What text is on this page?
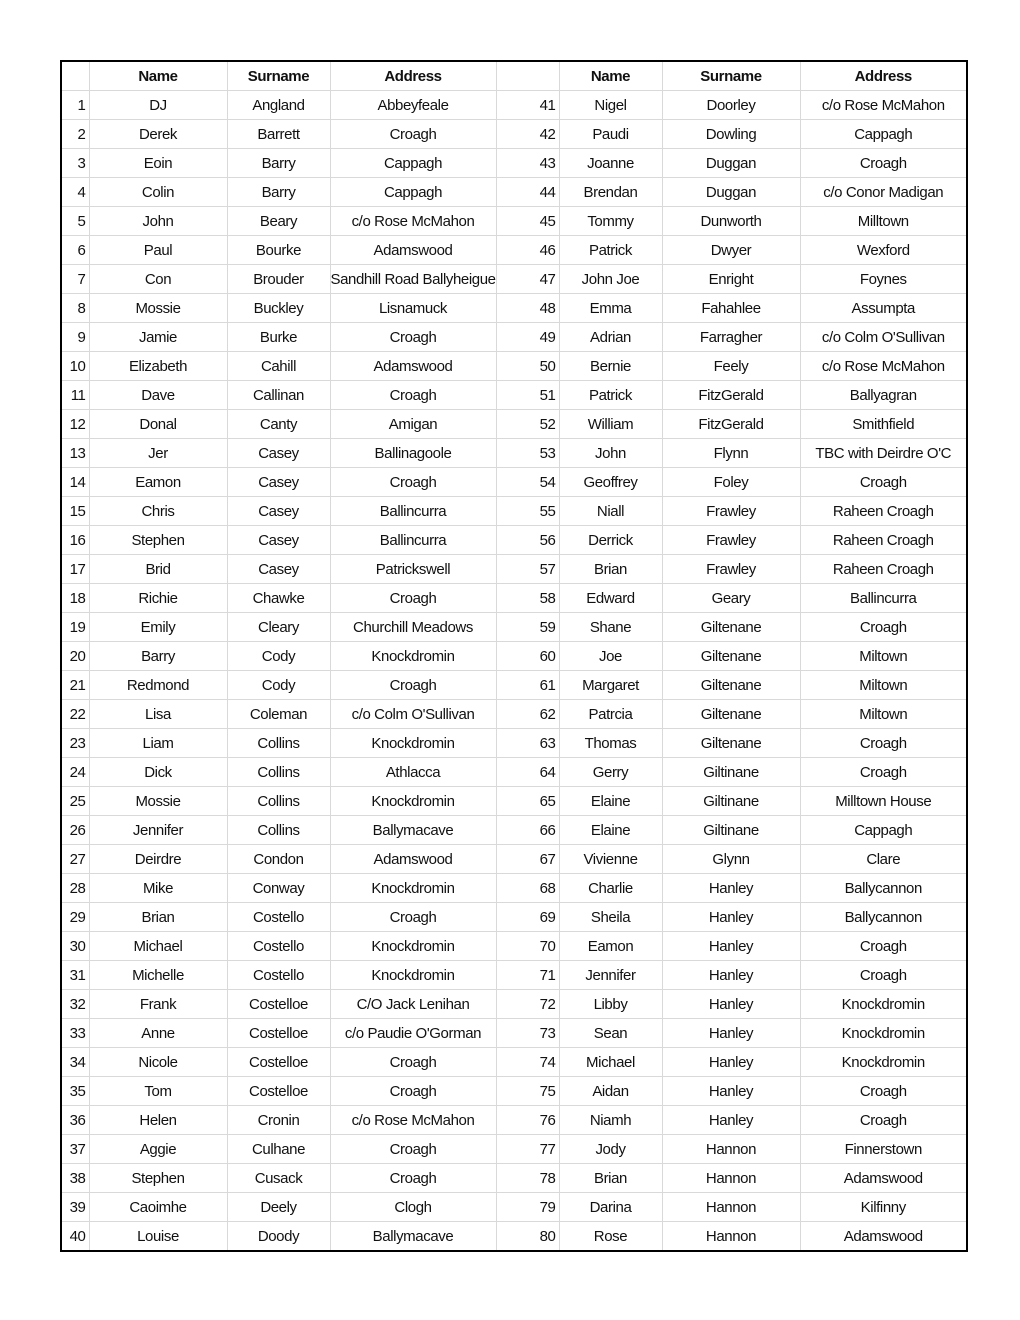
	Name	Surname	Address		Name	Surname	Address
1	DJ	Angland	Abbeyfeale	41	Nigel	Doorley	c/o Rose McMahon
2	Derek	Barrett	Croagh	42	Paudi	Dowling	Cappagh
3	Eoin	Barry	Cappagh	43	Joanne	Duggan	Croagh
4	Colin	Barry	Cappagh	44	Brendan	Duggan	c/o Conor Madigan
5	John	Beary	c/o Rose McMahon	45	Tommy	Dunworth	Milltown
6	Paul	Bourke	Adamswood	46	Patrick	Dwyer	Wexford
7	Con	Brouder	Sandhill Road Ballyheigue	47	John Joe	Enright	Foynes
8	Mossie	Buckley	Lisnamuck	48	Emma	Fahahlee	Assumpta
9	Jamie	Burke	Croagh	49	Adrian	Farragher	c/o Colm O'Sullivan
10	Elizabeth	Cahill	Adamswood	50	Bernie	Feely	c/o Rose McMahon
11	Dave	Callinan	Croagh	51	Patrick	FitzGerald	Ballyagran
12	Donal	Canty	Amigan	52	William	FitzGerald	Smithfield
13	Jer	Casey	Ballinagoole	53	John	Flynn	TBC with Deirdre O'C
14	Eamon	Casey	Croagh	54	Geoffrey	Foley	Croagh
15	Chris	Casey	Ballincurra	55	Niall	Frawley	Raheen Croagh
16	Stephen	Casey	Ballincurra	56	Derrick	Frawley	Raheen Croagh
17	Brid	Casey	Patrickswell	57	Brian	Frawley	Raheen Croagh
18	Richie	Chawke	Croagh	58	Edward	Geary	Ballincurra
19	Emily	Cleary	Churchill Meadows	59	Shane	Giltenane	Croagh
20	Barry	Cody	Knockdromin	60	Joe	Giltenane	Miltown
21	Redmond	Cody	Croagh	61	Margaret	Giltenane	Miltown
22	Lisa	Coleman	c/o Colm O'Sullivan	62	Patrcia	Giltenane	Miltown
23	Liam	Collins	Knockdromin	63	Thomas	Giltenane	Croagh
24	Dick	Collins	Athlacca	64	Gerry	Giltinane	Croagh
25	Mossie	Collins	Knockdromin	65	Elaine	Giltinane	Milltown House
26	Jennifer	Collins	Ballymacave	66	Elaine	Giltinane	Cappagh
27	Deirdre	Condon	Adamswood	67	Vivienne	Glynn	Clare
28	Mike	Conway	Knockdromin	68	Charlie	Hanley	Ballycannon
29	Brian	Costello	Croagh	69	Sheila	Hanley	Ballycannon
30	Michael	Costello	Knockdromin	70	Eamon	Hanley	Croagh
31	Michelle	Costello	Knockdromin	71	Jennifer	Hanley	Croagh
32	Frank	Costelloe	C/O Jack Lenihan	72	Libby	Hanley	Knockdromin
33	Anne	Costelloe	c/o Paudie O'Gorman	73	Sean	Hanley	Knockdromin
34	Nicole	Costelloe	Croagh	74	Michael	Hanley	Knockdromin
35	Tom	Costelloe	Croagh	75	Aidan	Hanley	Croagh
36	Helen	Cronin	c/o Rose McMahon	76	Niamh	Hanley	Croagh
37	Aggie	Culhane	Croagh	77	Jody	Hannon	Finnerstown
38	Stephen	Cusack	Croagh	78	Brian	Hannon	Adamswood
39	Caoimhe	Deely	Clogh	79	Darina	Hannon	Kilfinny
40	Louise	Doody	Ballymacave	80	Rose	Hannon	Adamswood
